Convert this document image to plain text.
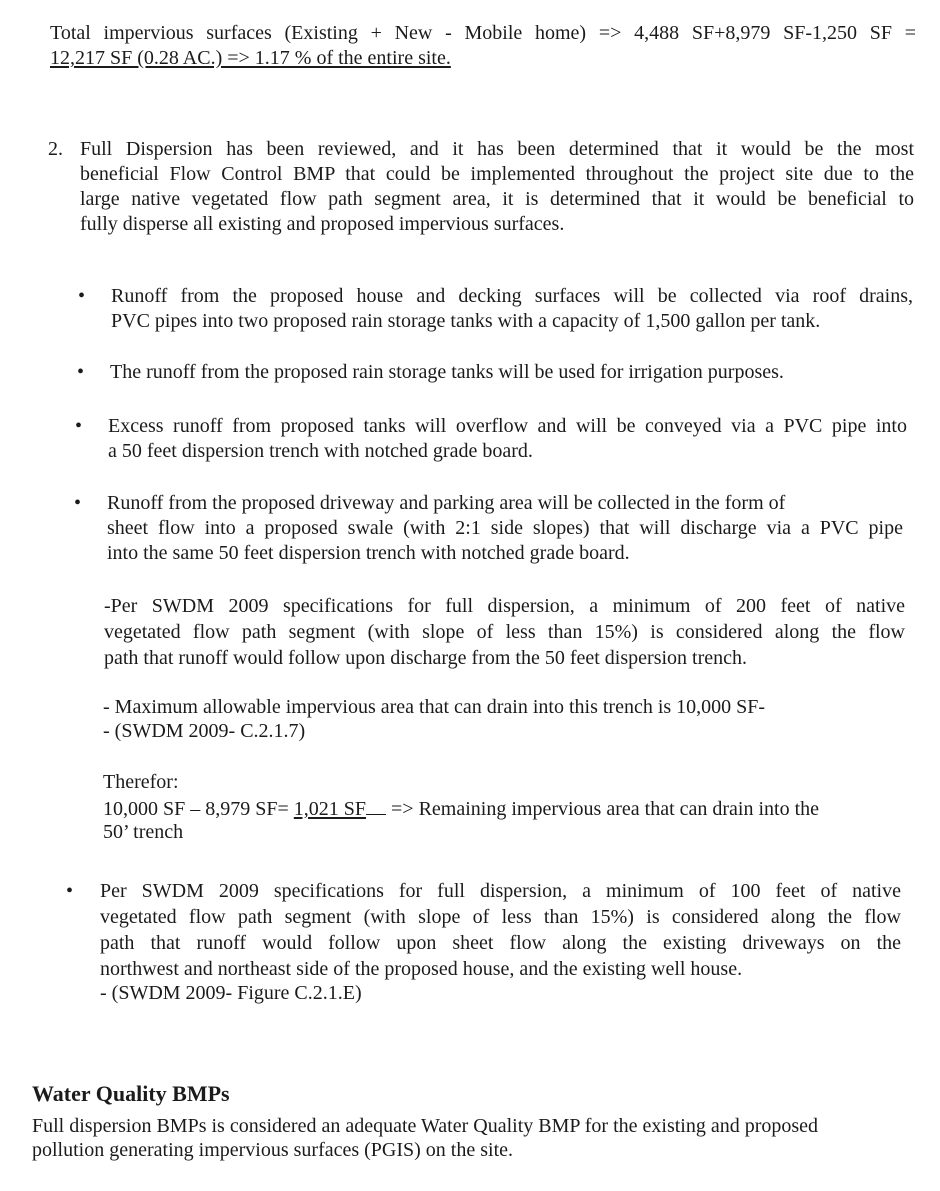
Total impervious surfaces (Existing + New - Mobile home) => 4,488 SF+8,979 SF-1,250 SF =
12,217 SF (0.28 AC.) => 1.17 % of the entire site.
2. Full Dispersion has been reviewed, and it has been determined that it would be the most
beneficial Flow Control BMP that could be implemented throughout the project site due to the
large native vegetated flow path segment area, it is determined that it would be beneficial to
fully disperse all existing and proposed impervious surfaces.
• Runoff from the proposed house and decking surfaces will be collected via roof drains,
PVC pipes into two proposed rain storage tanks with a capacity of 1,500 gallon per tank.
• The runoff from the proposed rain storage tanks will be used for irrigation purposes.
• Excess runoff from proposed tanks will overflow and will be conveyed via a PVC pipe into
a 50 feet dispersion trench with notched grade board.
• Runoff from the proposed driveway and parking area will be collected in the form of
sheet flow into a proposed swale (with 2:1 side slopes) that will discharge via a PVC pipe
into the same 50 feet dispersion trench with notched grade board.
-Per SWDM 2009 specifications for full dispersion, a minimum of 200 feet of native
vegetated flow path segment (with slope of less than 15%) is considered along the flow
path that runoff would follow upon discharge from the 50 feet dispersion trench.
- Maximum allowable impervious area that can drain into this trench is 10,000 SF-
- (SWDM 2009- C.2.1.7)
Therefor:
10,000 SF – 8,979 SF= 1,021 SF => Remaining impervious area that can drain into the
50’ trench
• Per SWDM 2009 specifications for full dispersion, a minimum of 100 feet of native
vegetated flow path segment (with slope of less than 15%) is considered along the flow
path that runoff would follow upon sheet flow along the existing driveways on the
northwest and northeast side of the proposed house, and the existing well house.
- (SWDM 2009- Figure C.2.1.E)
Water Quality BMPs
Full dispersion BMPs is considered an adequate Water Quality BMP for the existing and proposed
pollution generating impervious surfaces (PGIS) on the site.
